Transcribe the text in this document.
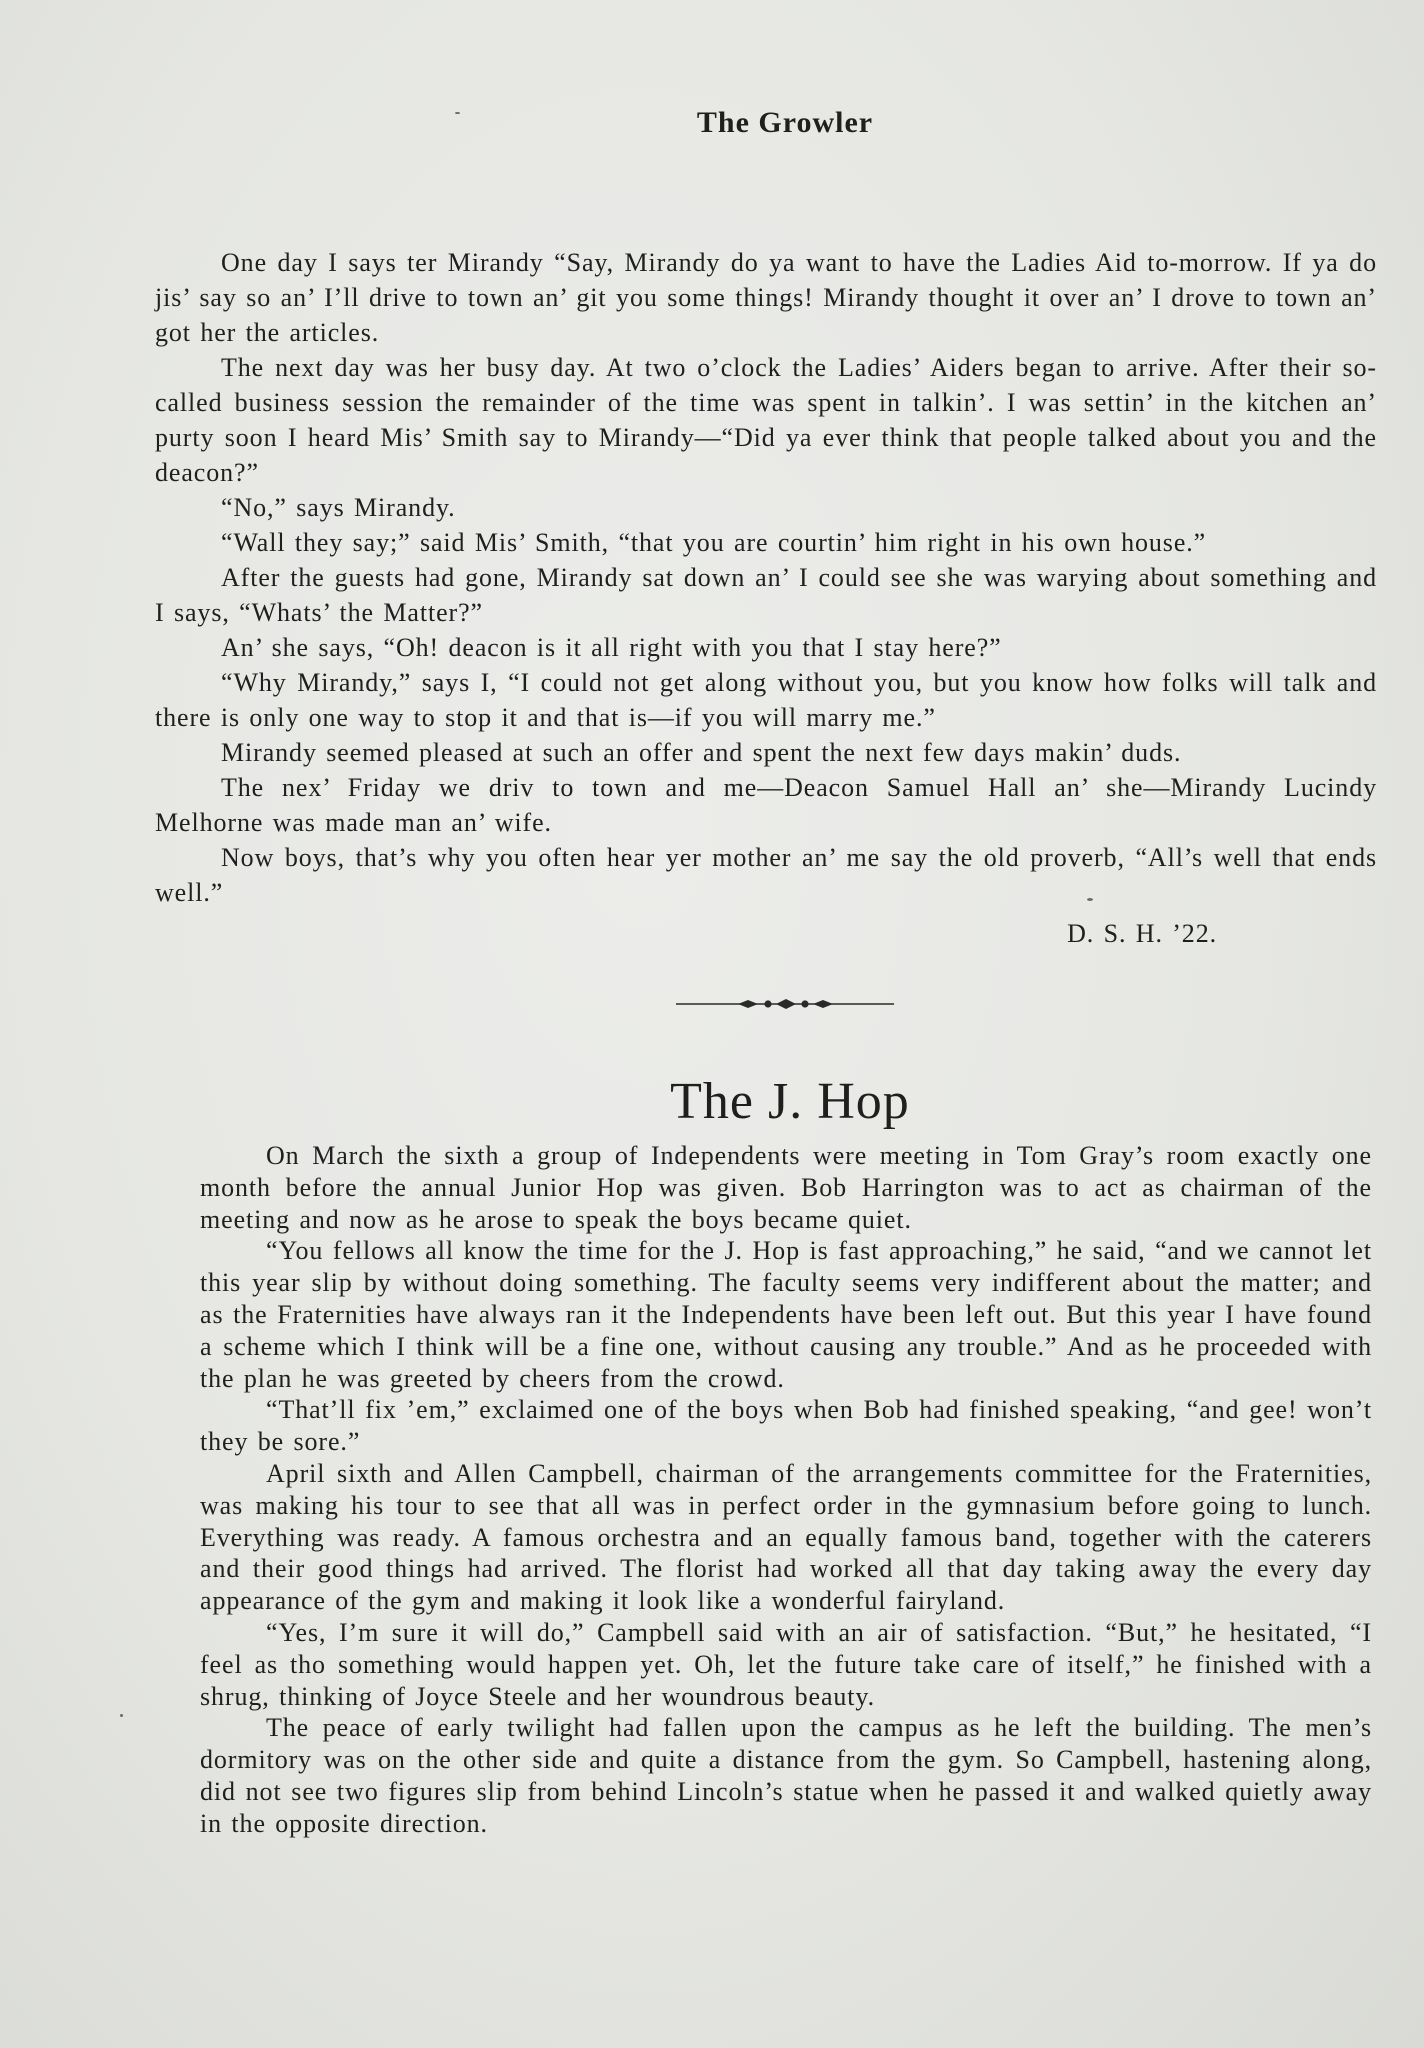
The Growler

One day I says ter Mirandy “Say, Mirandy do ya want to have the Ladies Aid to-morrow. If ya do jis’ say so an’ I’ll drive to town an’ git you some things! Mirandy thought it over an’ I drove to town an’ got her the articles.

The next day was her busy day. At two o’clock the Ladies’ Aiders began to arrive. After their so-called business session the remainder of the time was spent in talkin’. I was settin’ in the kitchen an’ purty soon I heard Mis’ Smith say to Mirandy—“Did ya ever think that people talked about you and the deacon?”

“No,” says Mirandy.

“Wall they say;” said Mis’ Smith, “that you are courtin’ him right in his own house.”

After the guests had gone, Mirandy sat down an’ I could see she was warying about something and I says, “Whats’ the Matter?”

An’ she says, “Oh! deacon is it all right with you that I stay here?”

“Why Mirandy,” says I, “I could not get along without you, but you know how folks will talk and there is only one way to stop it and that is—if you will marry me.”

Mirandy seemed pleased at such an offer and spent the next few days makin’ duds.

The nex’ Friday we driv to town and me—Deacon Samuel Hall an’ she—Mirandy Lucindy Melhorne was made man an’ wife.

Now boys, that’s why you often hear yer mother an’ me say the old proverb, “All’s well that ends well.”

D. S. H. ’22.

The J. Hop

On March the sixth a group of Independents were meeting in Tom Gray’s room exactly one month before the annual Junior Hop was given. Bob Harrington was to act as chairman of the meeting and now as he arose to speak the boys became quiet.

“You fellows all know the time for the J. Hop is fast approaching,” he said, “and we cannot let this year slip by without doing something. The faculty seems very indifferent about the matter; and as the Fraternities have always ran it the Independents have been left out. But this year I have found a scheme which I think will be a fine one, without causing any trouble.” And as he proceeded with the plan he was greeted by cheers from the crowd.

“That’ll fix ’em,” exclaimed one of the boys when Bob had finished speaking, “and gee! won’t they be sore.”

April sixth and Allen Campbell, chairman of the arrangements committee for the Fraternities, was making his tour to see that all was in perfect order in the gymnasium before going to lunch. Everything was ready. A famous orchestra and an equally famous band, together with the caterers and their good things had arrived. The florist had worked all that day taking away the every day appearance of the gym and making it look like a wonderful fairyland.

“Yes, I’m sure it will do,” Campbell said with an air of satisfaction. “But,” he hesitated, “I feel as tho something would happen yet. Oh, let the future take care of itself,” he finished with a shrug, thinking of Joyce Steele and her woundrous beauty.

The peace of early twilight had fallen upon the campus as he left the building. The men’s dormitory was on the other side and quite a distance from the gym. So Campbell, hastening along, did not see two figures slip from behind Lincoln’s statue when he passed it and walked quietly away in the opposite direction.
